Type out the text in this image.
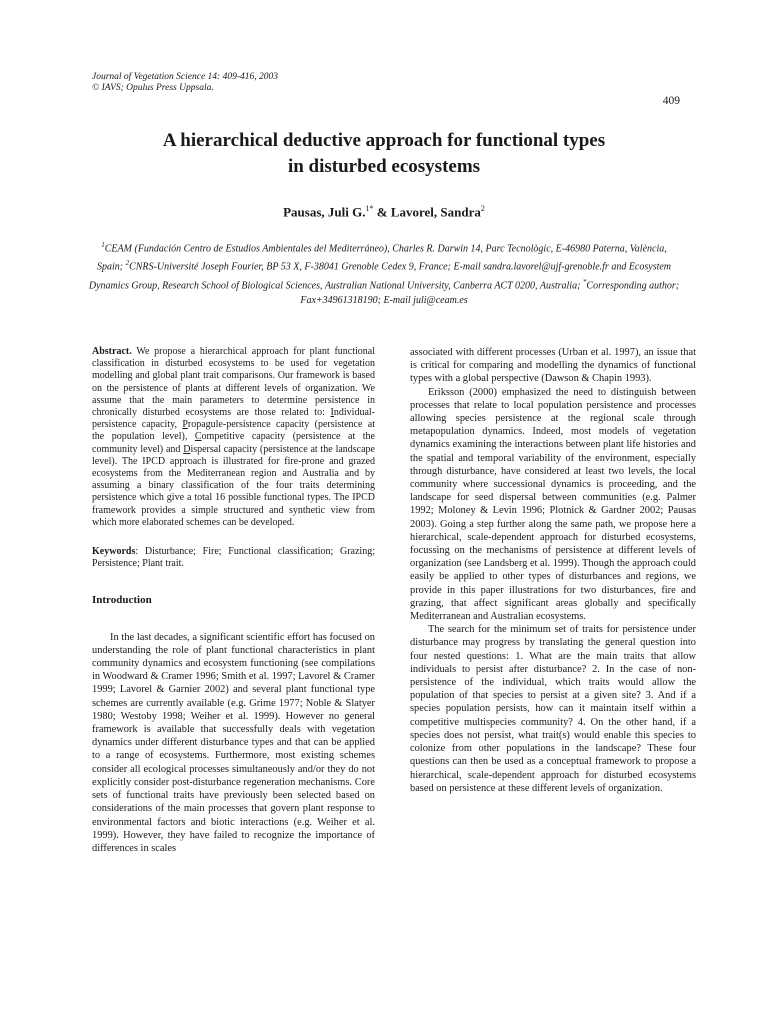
Journal of Vegetation Science 14: 409-416, 2003
© IAVS; Opulus Press Uppsala.
409
A hierarchical deductive approach for functional types
in disturbed ecosystems
Pausas, Juli G.$^{1*}$ & Lavorel, Sandra$^2$
$^1$CEAM (Fundación Centro de Estudios Ambientales del Mediterráneo), Charles R. Darwin 14, Parc Tecnològic, E-46980 Paterna, València, Spain; $^2$CNRS-Université Joseph Fourier, BP 53 X, F-38041 Grenoble Cedex 9, France; E-mail sandra.lavorel@ujf-grenoble.fr and Ecosystem Dynamics Group, Research School of Biological Sciences, Australian National University, Canberra ACT 0200, Australia; *Corresponding author; Fax+34961318190; E-mail juli@ceam.es

Abstract. We propose a hierarchical approach for plant functional classification in disturbed ecosystems to be used for vegetation modelling and global plant trait comparisons. Our framework is based on the persistence of plants at different levels of organization. We assume that the main parameters to determine persistence in chronically disturbed ecosystems are those related to: Individual-persistence capacity, Propagule-persistence capacity (persistence at the population level), Competitive capacity (persistence at the community level) and Dispersal capacity (persistence at the landscape level). The IPCD approach is illustrated for fire-prone and grazed ecosystems from the Mediterranean region and Australia and by assuming a binary classification of the four traits determining persistence which give a total 16 possible functional types. The IPCD framework provides a simple structured and synthetic view from which more elaborated schemes can be developed.

Keywords: Disturbance; Fire; Functional classification; Grazing; Persistence; Plant trait.

Introduction

In the last decades, a significant scientific effort has focused on understanding the role of plant functional characteristics in plant community dynamics and ecosystem functioning (see compilations in Woodward & Cramer 1996; Smith et al. 1997; Lavorel & Cramer 1999; Lavorel & Garnier 2002) and several plant functional type schemes are currently available (e.g. Grime 1977; Noble & Slatyer 1980; Westoby 1998; Weiher et al. 1999). However no general framework is available that successfully deals with vegetation dynamics under different disturbance types and that can be applied to a range of ecosystems. Furthermore, most existing schemes consider all ecological processes simultaneously and/or they do not explicitly consider post-disturbance regeneration mechanisms. Core sets of functional traits have previously been selected based on considerations of the main processes that govern plant response to environmental factors and biotic interactions (e.g. Weiher et al. 1999). However, they have failed to recognize the importance of differences in scales

associated with different processes (Urban et al. 1997), an issue that is critical for comparing and modelling the dynamics of functional types with a global perspective (Dawson & Chapin 1993).

Eriksson (2000) emphasized the need to distinguish between processes that relate to local population persistence and processes allowing species persistence at the regional scale through metapopulation dynamics. Indeed, most models of vegetation dynamics examining the interactions between plant life histories and the spatial and temporal variability of the environment, especially through disturbance, have considered at least two levels, the local community where successional dynamics is proceeding, and the landscape for seed dispersal between communities (e.g. Palmer 1992; Moloney & Levin 1996; Plotnick & Gardner 2002; Pausas 2003). Going a step further along the same path, we propose here a hierarchical, scale-dependent approach for disturbed ecosystems, focussing on the mechanisms of persistence at different levels of organization (see Landsberg et al. 1999). Though the approach could easily be applied to other types of disturbances and regions, we provide in this paper illustrations for two disturbances, fire and grazing, that affect significant areas globally and specifically Mediterranean and Australian ecosystems.

The search for the minimum set of traits for persistence under disturbance may progress by translating the general question into four nested questions: 1. What are the main traits that allow individuals to persist after disturbance? 2. In the case of non-persistence of the individual, which traits would allow the population of that species to persist at a given site? 3. And if a species population persists, how can it maintain itself within a competitive multispecies community? 4. On the other hand, if a species does not persist, what trait(s) would enable this species to colonize from other populations in the landscape? These four questions can then be used as a conceptual framework to propose a hierarchical, scale-dependent approach for disturbed ecosystems based on persistence at these different levels of organization.
